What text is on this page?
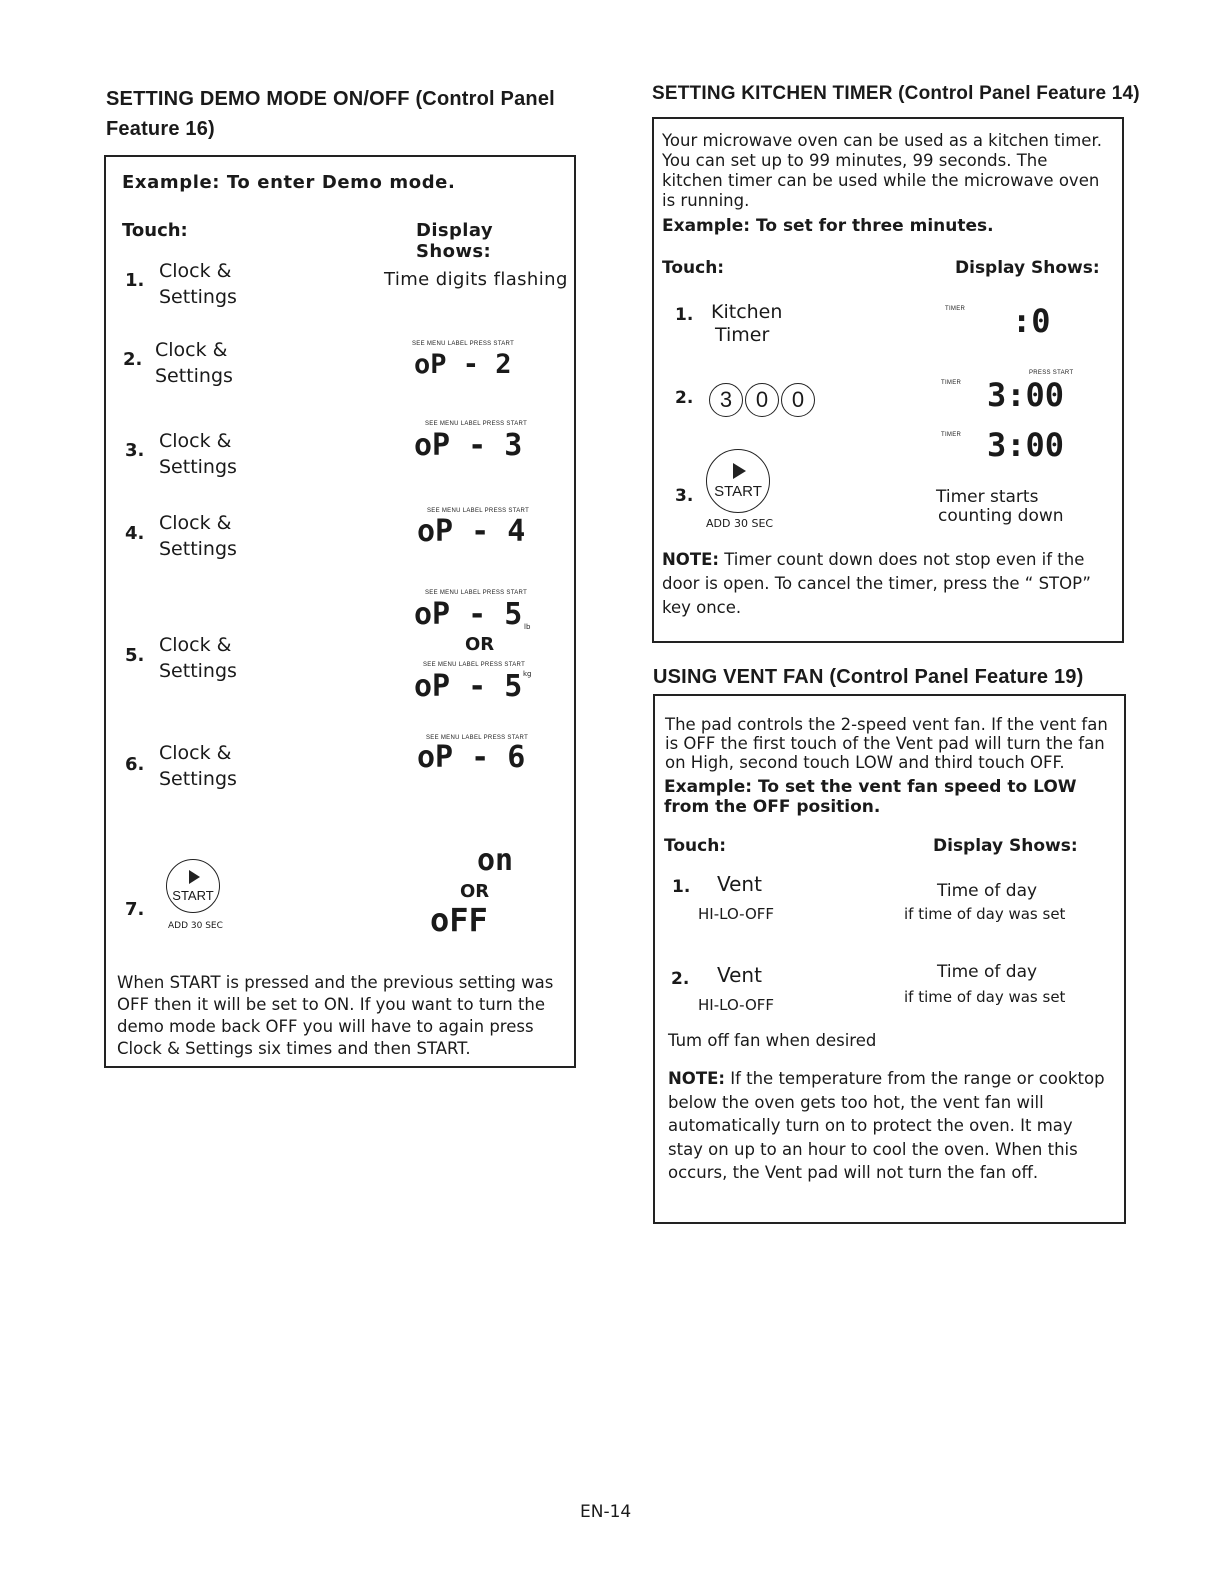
SETTING DEMO MODE ON/OFF (Control Panel
Feature 16)
Example: To enter Demo mode.
Touch:	Display Shows:
1. Clock &
Settings
Time digits flashing
2. Clock &
Settings
SEE MENU LABEL PRESS START
oP - 2
3. Clock &
Settings
SEE MENU LABEL PRESS START
oP - 3
4. Clock &
Settings
SEE MENU LABEL PRESS START
oP - 4
5. Clock &
Settings
SEE MENU LABEL PRESS START
oP - 5 lb
OR
SEE MENU LABEL PRESS START
oP - 5 kg
6.
Clock &
Settings
SEE MENU LABEL PRESS START
oP - 6
7.
START
ADD 30 SEC
on
OR
oFF
When START is pressed and the previous setting was OFF then it will be set to ON. If you want to turn the demo mode back OFF you will have to again press Clock & Settings six times and then START.
SETTING KITCHEN TIMER (Control Panel Feature 14)
Your microwave oven can be used as a kitchen timer. You can set up to 99 minutes, 99 seconds. The kitchen timer can be used while the microwave oven is running.
Example: To set for three minutes.
Touch:	Display Shows:
1. Kitchen
Timer
TIMER :0
2.	3	0	0
PRESS START
TIMER 3:00
3.	START
ADD 30 SEC
TIMER 3:00
Timer starts
counting down
NOTE: Timer count down does not stop even if the door is open. To cancel the timer, press the “ STOP” key once.
USING VENT FAN (Control Panel Feature 19)
The pad controls the 2-speed vent fan. If the vent fan is OFF the first touch of the Vent pad will turn the fan on High, second touch LOW and third touch OFF.
Example: To set the vent fan speed to LOW from the OFF position.
Touch:	Display Shows:
1. Vent
HI-LO-OFF
Time of day
if time of day was set
2. Vent
HI-LO-OFF
Time of day
if time of day was set
Tum off fan when desired
NOTE: If the temperature from the range or cooktop below the oven gets too hot, the vent fan will automatically turn on to protect the oven. It may stay on up to an hour to cool the oven. When this occurs, the Vent pad will not turn the fan off.
EN-14
